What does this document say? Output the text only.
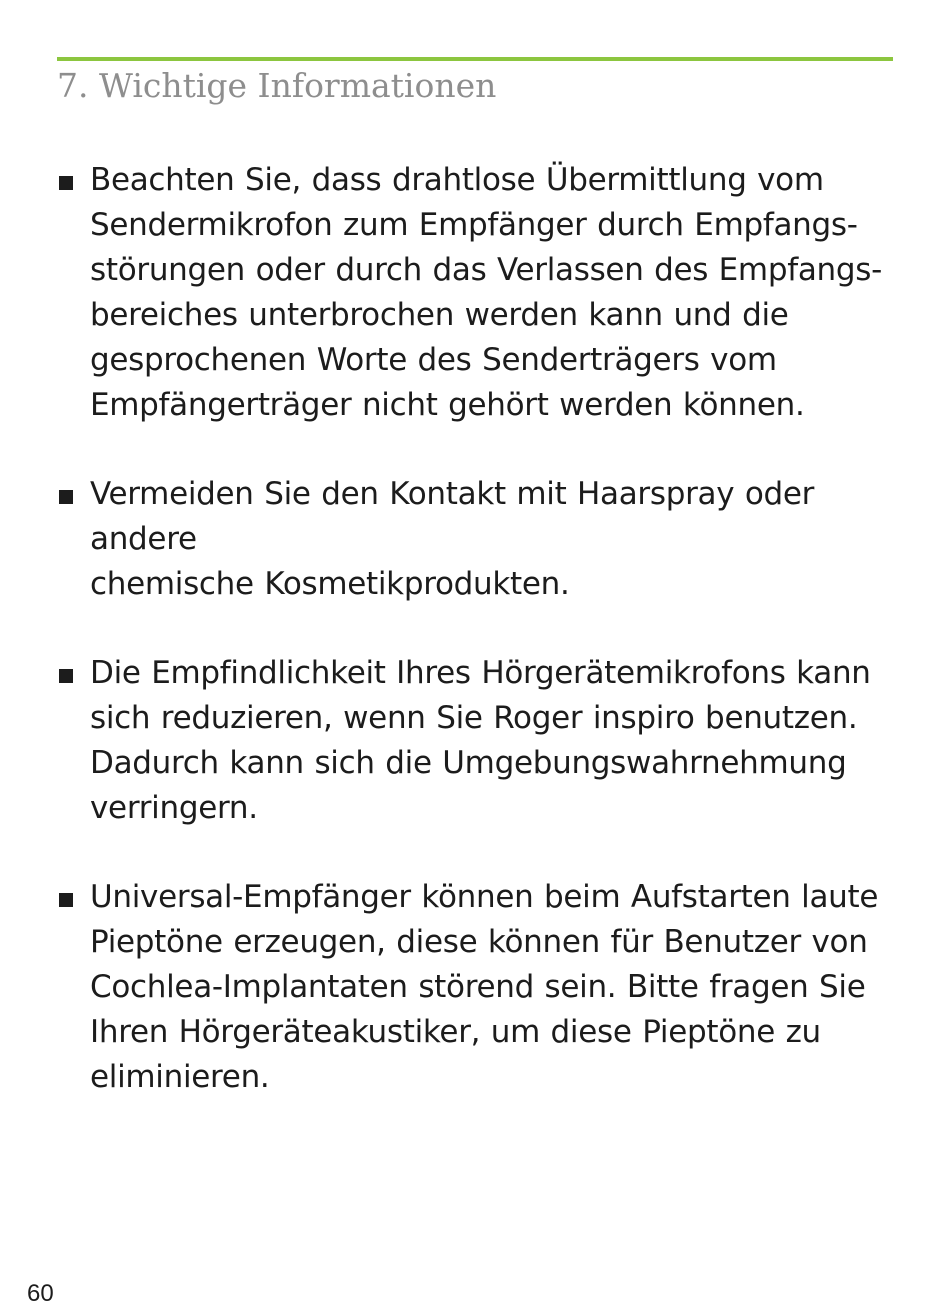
7. Wichtige Informationen
Beachten Sie, dass drahtlose Übermittlung vom
Sendermikrofon zum Empfänger durch Empfangs-
störungen oder durch das Verlassen des Empfangs-
bereiches unterbrochen werden kann und die
gesprochenen Worte des Senderträgers vom
Empfängerträger nicht gehört werden können.
Vermeiden Sie den Kontakt mit Haarspray oder andere
chemische Kosmetikprodukten.
Die Empfindlichkeit Ihres Hörgerätemikrofons kann
sich reduzieren, wenn Sie Roger inspiro benutzen.
Dadurch kann sich die Umgebungswahrnehmung
verringern.
Universal-Empfänger können beim Aufstarten laute
Pieptöne erzeugen, diese können für Benutzer von
Cochlea-Implantaten störend sein. Bitte fragen Sie
Ihren Hörgeräteakustiker, um diese Pieptöne zu
eliminieren.
60
